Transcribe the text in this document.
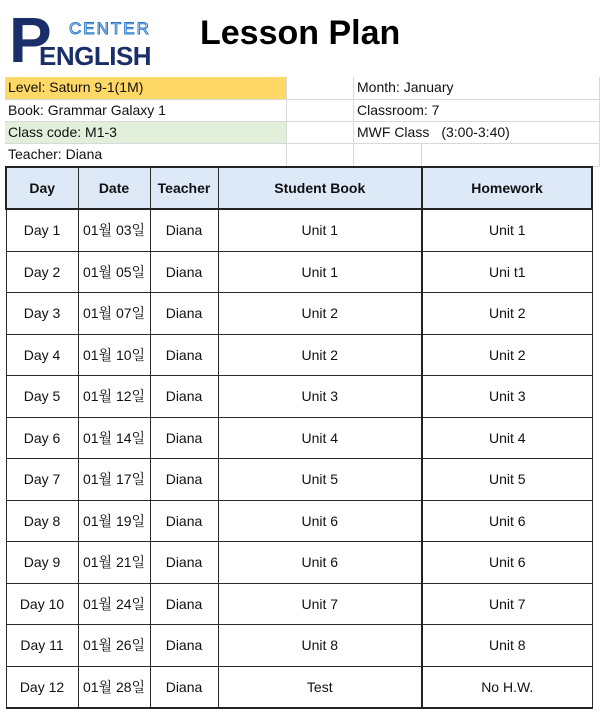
P CENTER
ENGLISH
Lesson Plan
Level: Saturn 9-1(1M)	Month: January
Book: Grammar Galaxy 1	Classroom: 7
Class code: M1-3	MWF Class (3:00-3:40)
Teacher: Diana
Day	Date	Teacher	Student Book	Homework
Day 1	01월 03일	Diana	Unit 1	Unit 1
Day 2	01월 05일	Diana	Unit 1	Uni t1
Day 3	01월 07일	Diana	Unit 2	Unit 2
Day 4	01월 10일	Diana	Unit 2	Unit 2
Day 5	01월 12일	Diana	Unit 3	Unit 3
Day 6	01월 14일	Diana	Unit 4	Unit 4
Day 7	01월 17일	Diana	Unit 5	Unit 5
Day 8	01월 19일	Diana	Unit 6	Unit 6
Day 9	01월 21일	Diana	Unit 6	Unit 6
Day 10	01월 24일	Diana	Unit 7	Unit 7
Day 11	01월 26일	Diana	Unit 8	Unit 8
Day 12	01월 28일	Diana	Test	No H.W.
